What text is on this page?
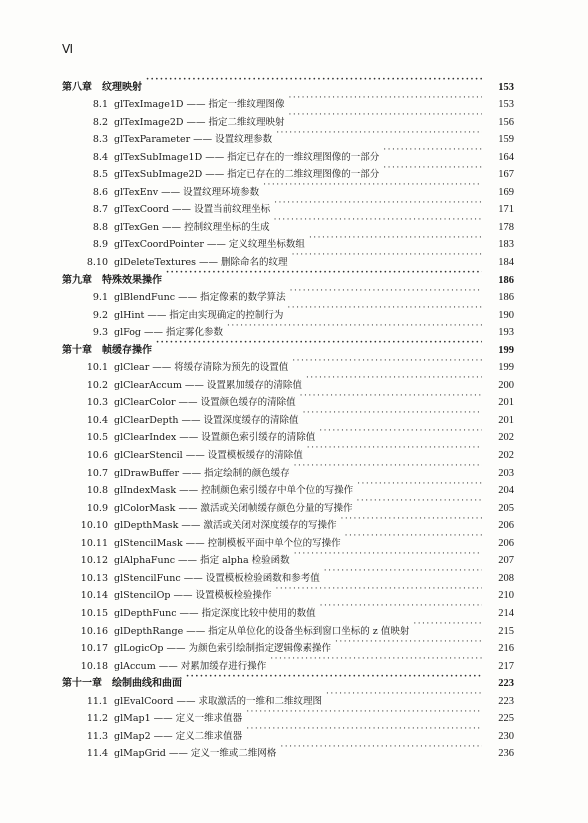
Ⅵ
第八章	纹理映射 ·····	153
8.1 glTexImage1D —— 指定一维纹理图像 ·····	153
8.2 glTexImage2D —— 指定二维纹理映射 ·····	156
8.3 glTexParameter —— 设置纹理参数 ·····	159
8.4 glTexSubImage1D —— 指定已存在的一维纹理图像的一部分 ·····	164
8.5 glTexSubImage2D —— 指定已存在的二维纹理图像的一部分 ·····	167
8.6 glTexEnv —— 设置纹理环境参数 ·····	169
8.7 glTexCoord —— 设置当前纹理坐标 ·····	171
8.8 glTexGen —— 控制纹理坐标的生成 ·····	178
8.9 glTexCoordPointer —— 定义纹理坐标数组 ·····	183
8.10 glDeleteTextures —— 删除命名的纹理 ·····	184
第九章	特殊效果操作 ·····	186
9.1 glBlendFunc —— 指定像素的数学算法 ·····	186
9.2 glHint —— 指定由实现确定的控制行为 ·····	190
9.3 glFog —— 指定雾化参数 ·····	193
第十章	帧缓存操作 ·····	199
10.1 glClear —— 将缓存清除为预先的设置值 ·····	199
10.2 glClearAccum —— 设置累加缓存的清除值 ·····	200
10.3 glClearColor —— 设置颜色缓存的清除值 ·····	201
10.4 glClearDepth —— 设置深度缓存的清除值 ·····	201
10.5 glClearIndex —— 设置颜色索引缓存的清除值 ·····	202
10.6 glClearStencil —— 设置模板缓存的清除值 ·····	202
10.7 glDrawBuffer —— 指定绘制的颜色缓存 ·····	203
10.8 glIndexMask —— 控制颜色索引缓存中单个位的写操作 ·····	204
10.9 glColorMask —— 激活或关闭帧缓存颜色分量的写操作 ·····	205
10.10 glDepthMask —— 激活或关闭对深度缓存的写操作 ·····	206
10.11 glStencilMask —— 控制模板平面中单个位的写操作 ·····	206
10.12 glAlphaFunc —— 指定 alpha 检验函数 ·····	207
10.13 glStencilFunc —— 设置模板检验函数和参考值 ·····	208
10.14 glStencilOp —— 设置模板检验操作 ·····	210
10.15 glDepthFunc —— 指定深度比较中使用的数值 ·····	214
10.16 glDepthRange —— 指定从单位化的设备坐标到窗口坐标的 z 值映射 ·····	215
10.17 glLogicOp —— 为颜色索引绘制指定逻辑像素操作 ·····	216
10.18 glAccum —— 对累加缓存进行操作 ·····	217
第十一章	绘制曲线和曲面 ·····	223
11.1 glEvalCoord —— 求取激活的一维和二维纹理图 ·····	223
11.2 glMap1 —— 定义一维求值器 ·····	225
11.3 glMap2 —— 定义二维求值器 ·····	230
11.4 glMapGrid —— 定义一维或二维网格 ·····	236
